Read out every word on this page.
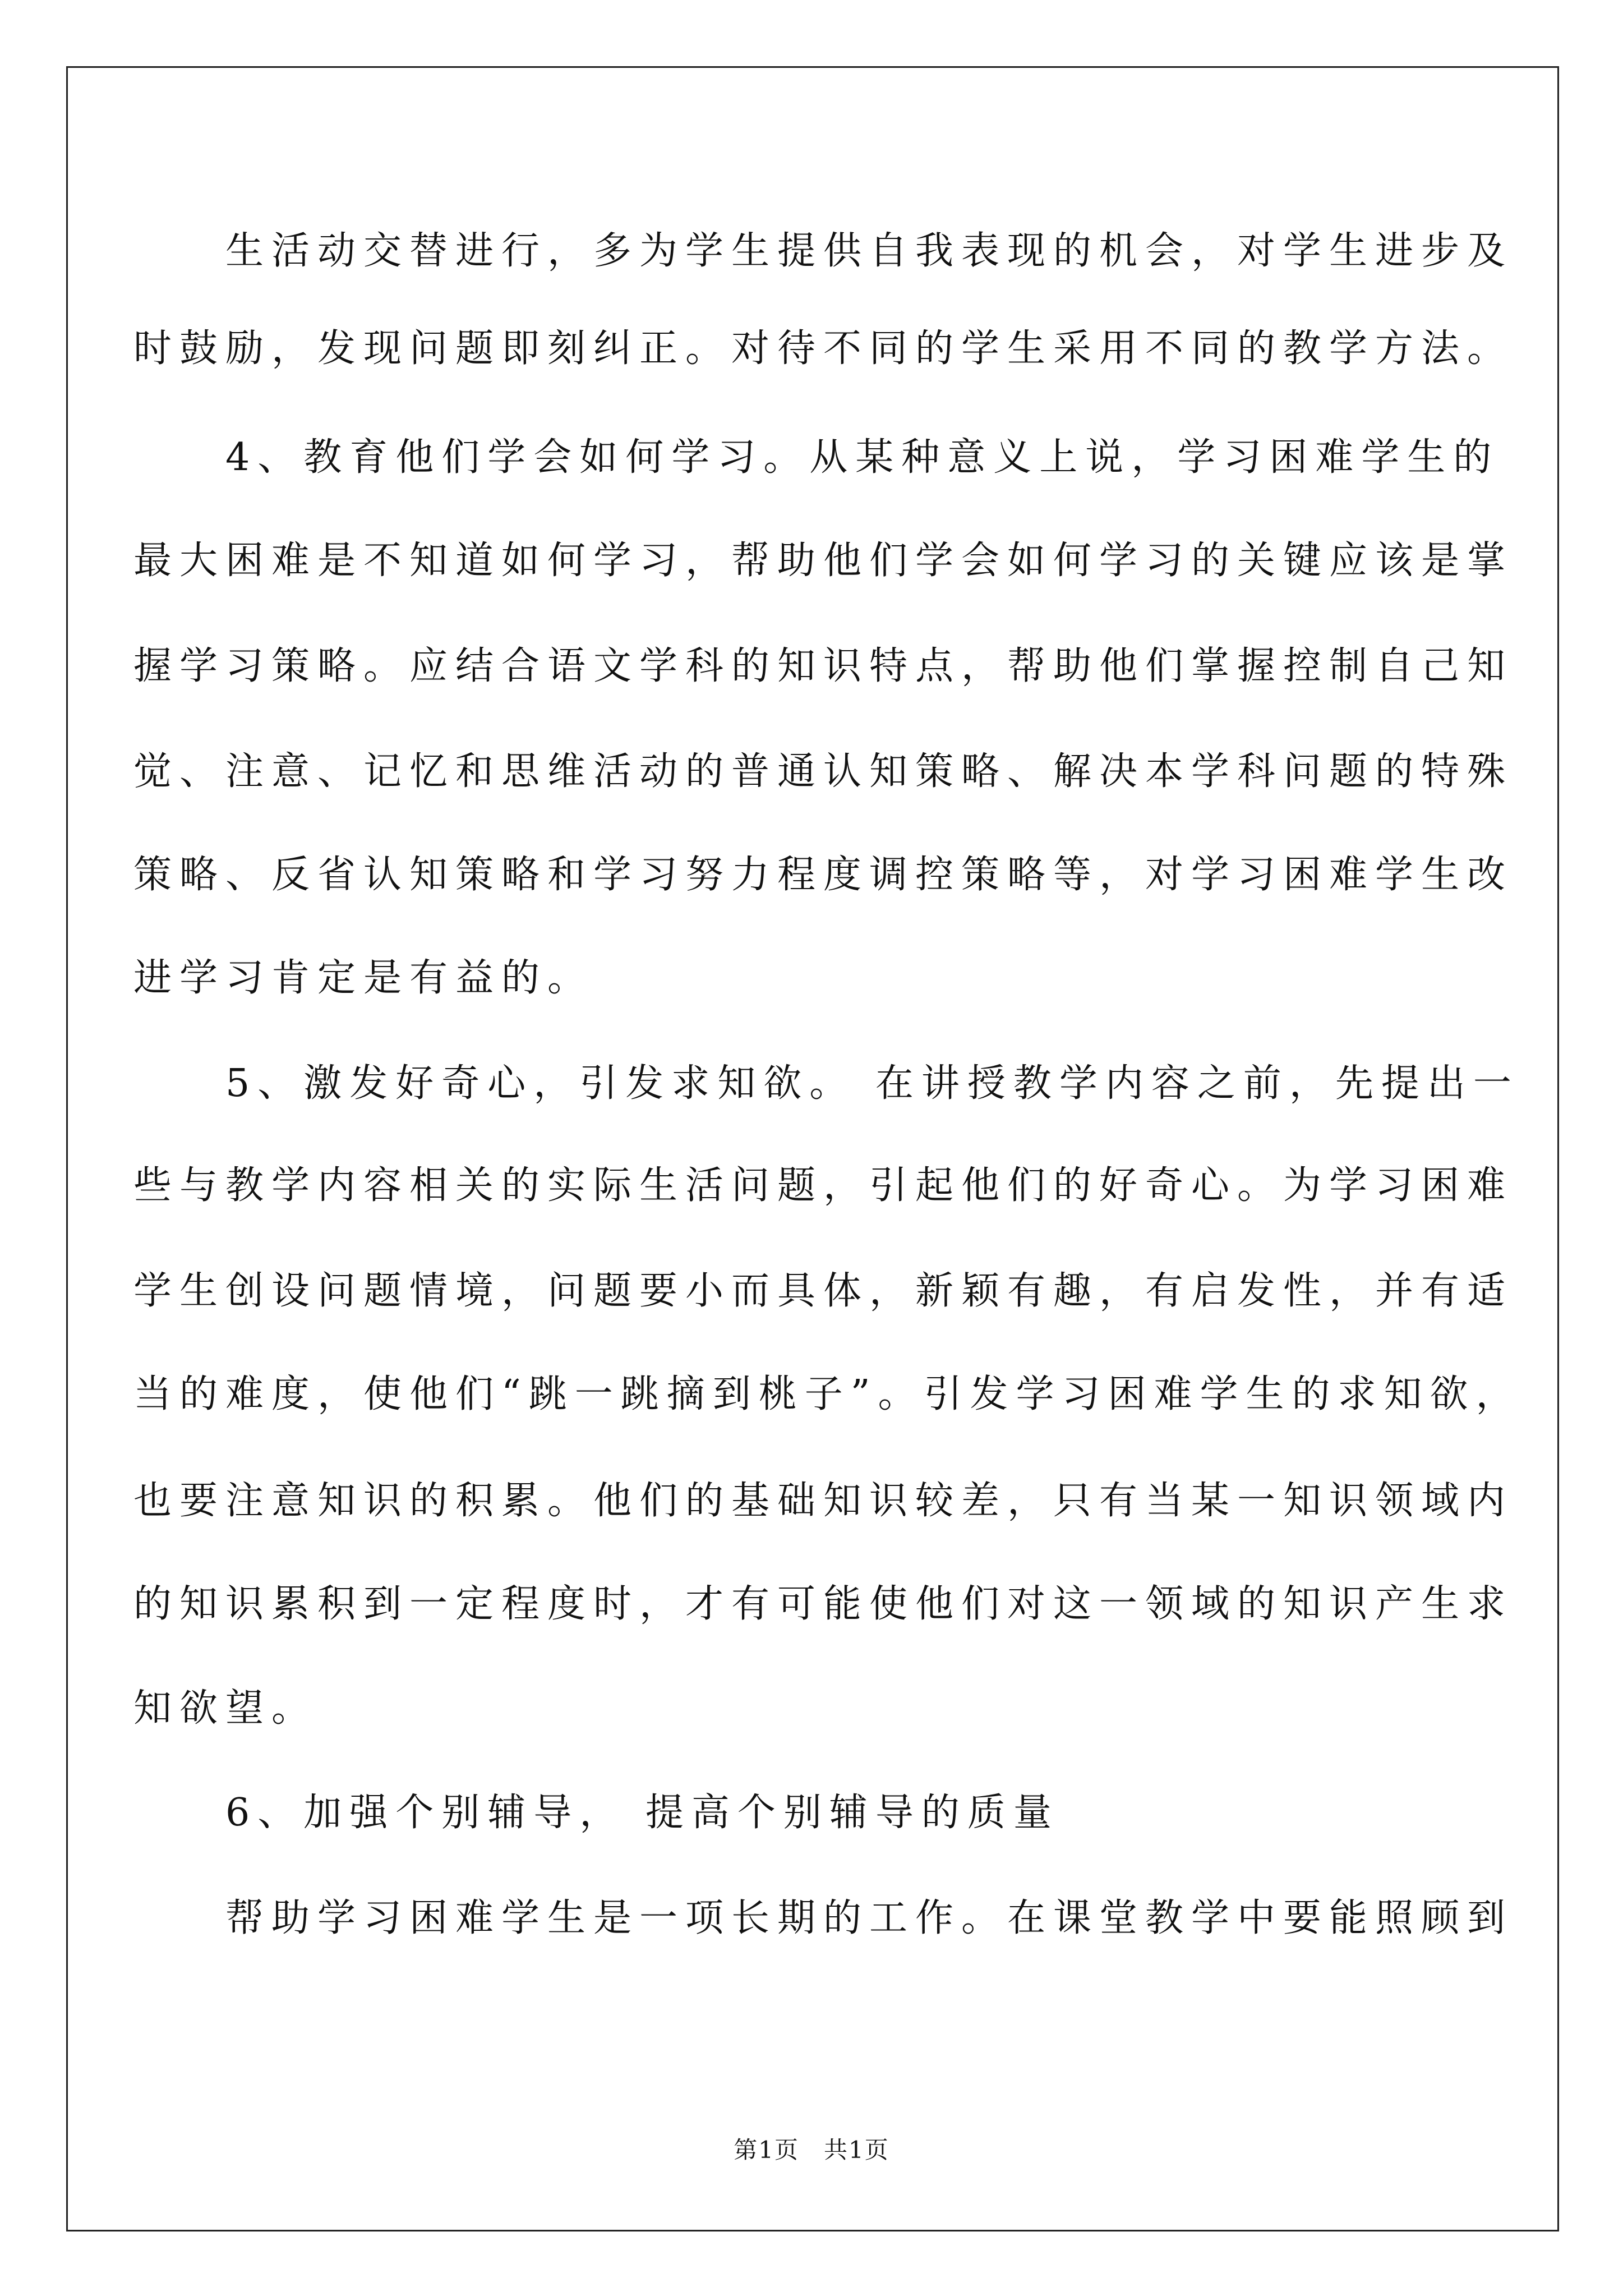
　　生活动交替进行，多为学生提供自我表现的机会，对学生进步及
时鼓励，发现问题即刻纠正。对待不同的学生采用不同的教学方法。
　　4、教育他们学会如何学习。从某种意义上说，学习困难学生的
最大困难是不知道如何学习，帮助他们学会如何学习的关键应该是掌
握学习策略。应结合语文学科的知识特点，帮助他们掌握控制自己知
觉、注意、记忆和思维活动的普通认知策略、解决本学科问题的特殊
策略、反省认知策略和学习努力程度调控策略等，对学习困难学生改
进学习肯定是有益的。
　　5、激发好奇心，引发求知欲。 在讲授教学内容之前，先提出一
些与教学内容相关的实际生活问题，引起他们的好奇心。为学习困难
学生创设问题情境，问题要小而具体，新颖有趣，有启发性，并有适
当的难度，使他们“跳一跳摘到桃子”。引发学习困难学生的求知欲，
也要注意知识的积累。他们的基础知识较差，只有当某一知识领域内
的知识累积到一定程度时，才有可能使他们对这一领域的知识产生求
知欲望。
　　6、加强个别辅导， 提高个别辅导的质量
　　帮助学习困难学生是一项长期的工作。在课堂教学中要能照顾到
第1页　共1页
